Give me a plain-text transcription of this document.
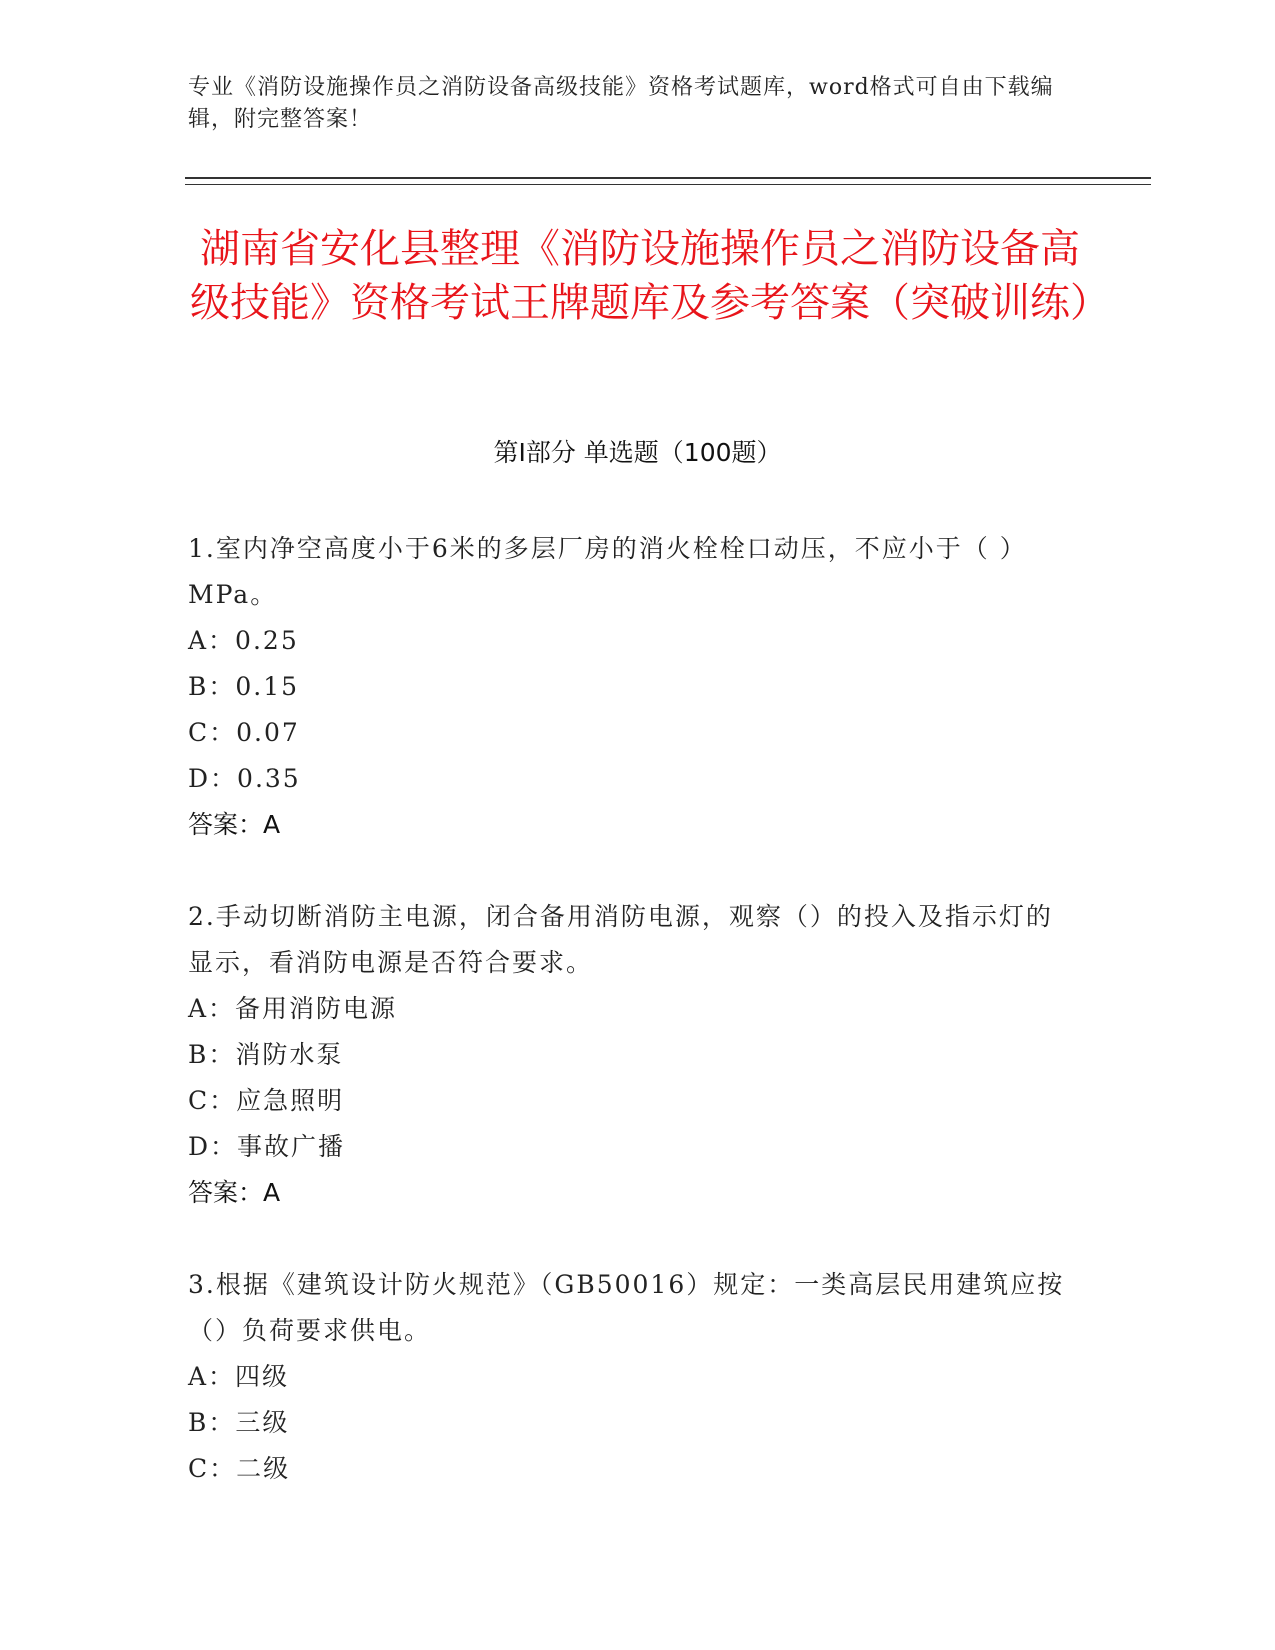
专业《消防设施操作员之消防设备高级技能》资格考试题库，word格式可自由下载编辑，附完整答案！
湖南省安化县整理《消防设施操作员之消防设备高级技能》资格考试王牌题库及参考答案（突破训练）
第I部分 单选题（100题）
1.室内净空高度小于6米的多层厂房的消火栓栓口动压，不应小于（ ）MPa。
A：0.25
B：0.15
C：0.07
D：0.35
答案：A
2.手动切断消防主电源，闭合备用消防电源，观察（）的投入及指示灯的显示，看消防电源是否符合要求。
A：备用消防电源
B：消防水泵
C：应急照明
D：事故广播
答案：A
3.根据《建筑设计防火规范》（GB50016）规定：一类高层民用建筑应按（）负荷要求供电。
A：四级
B：三级
C：二级
